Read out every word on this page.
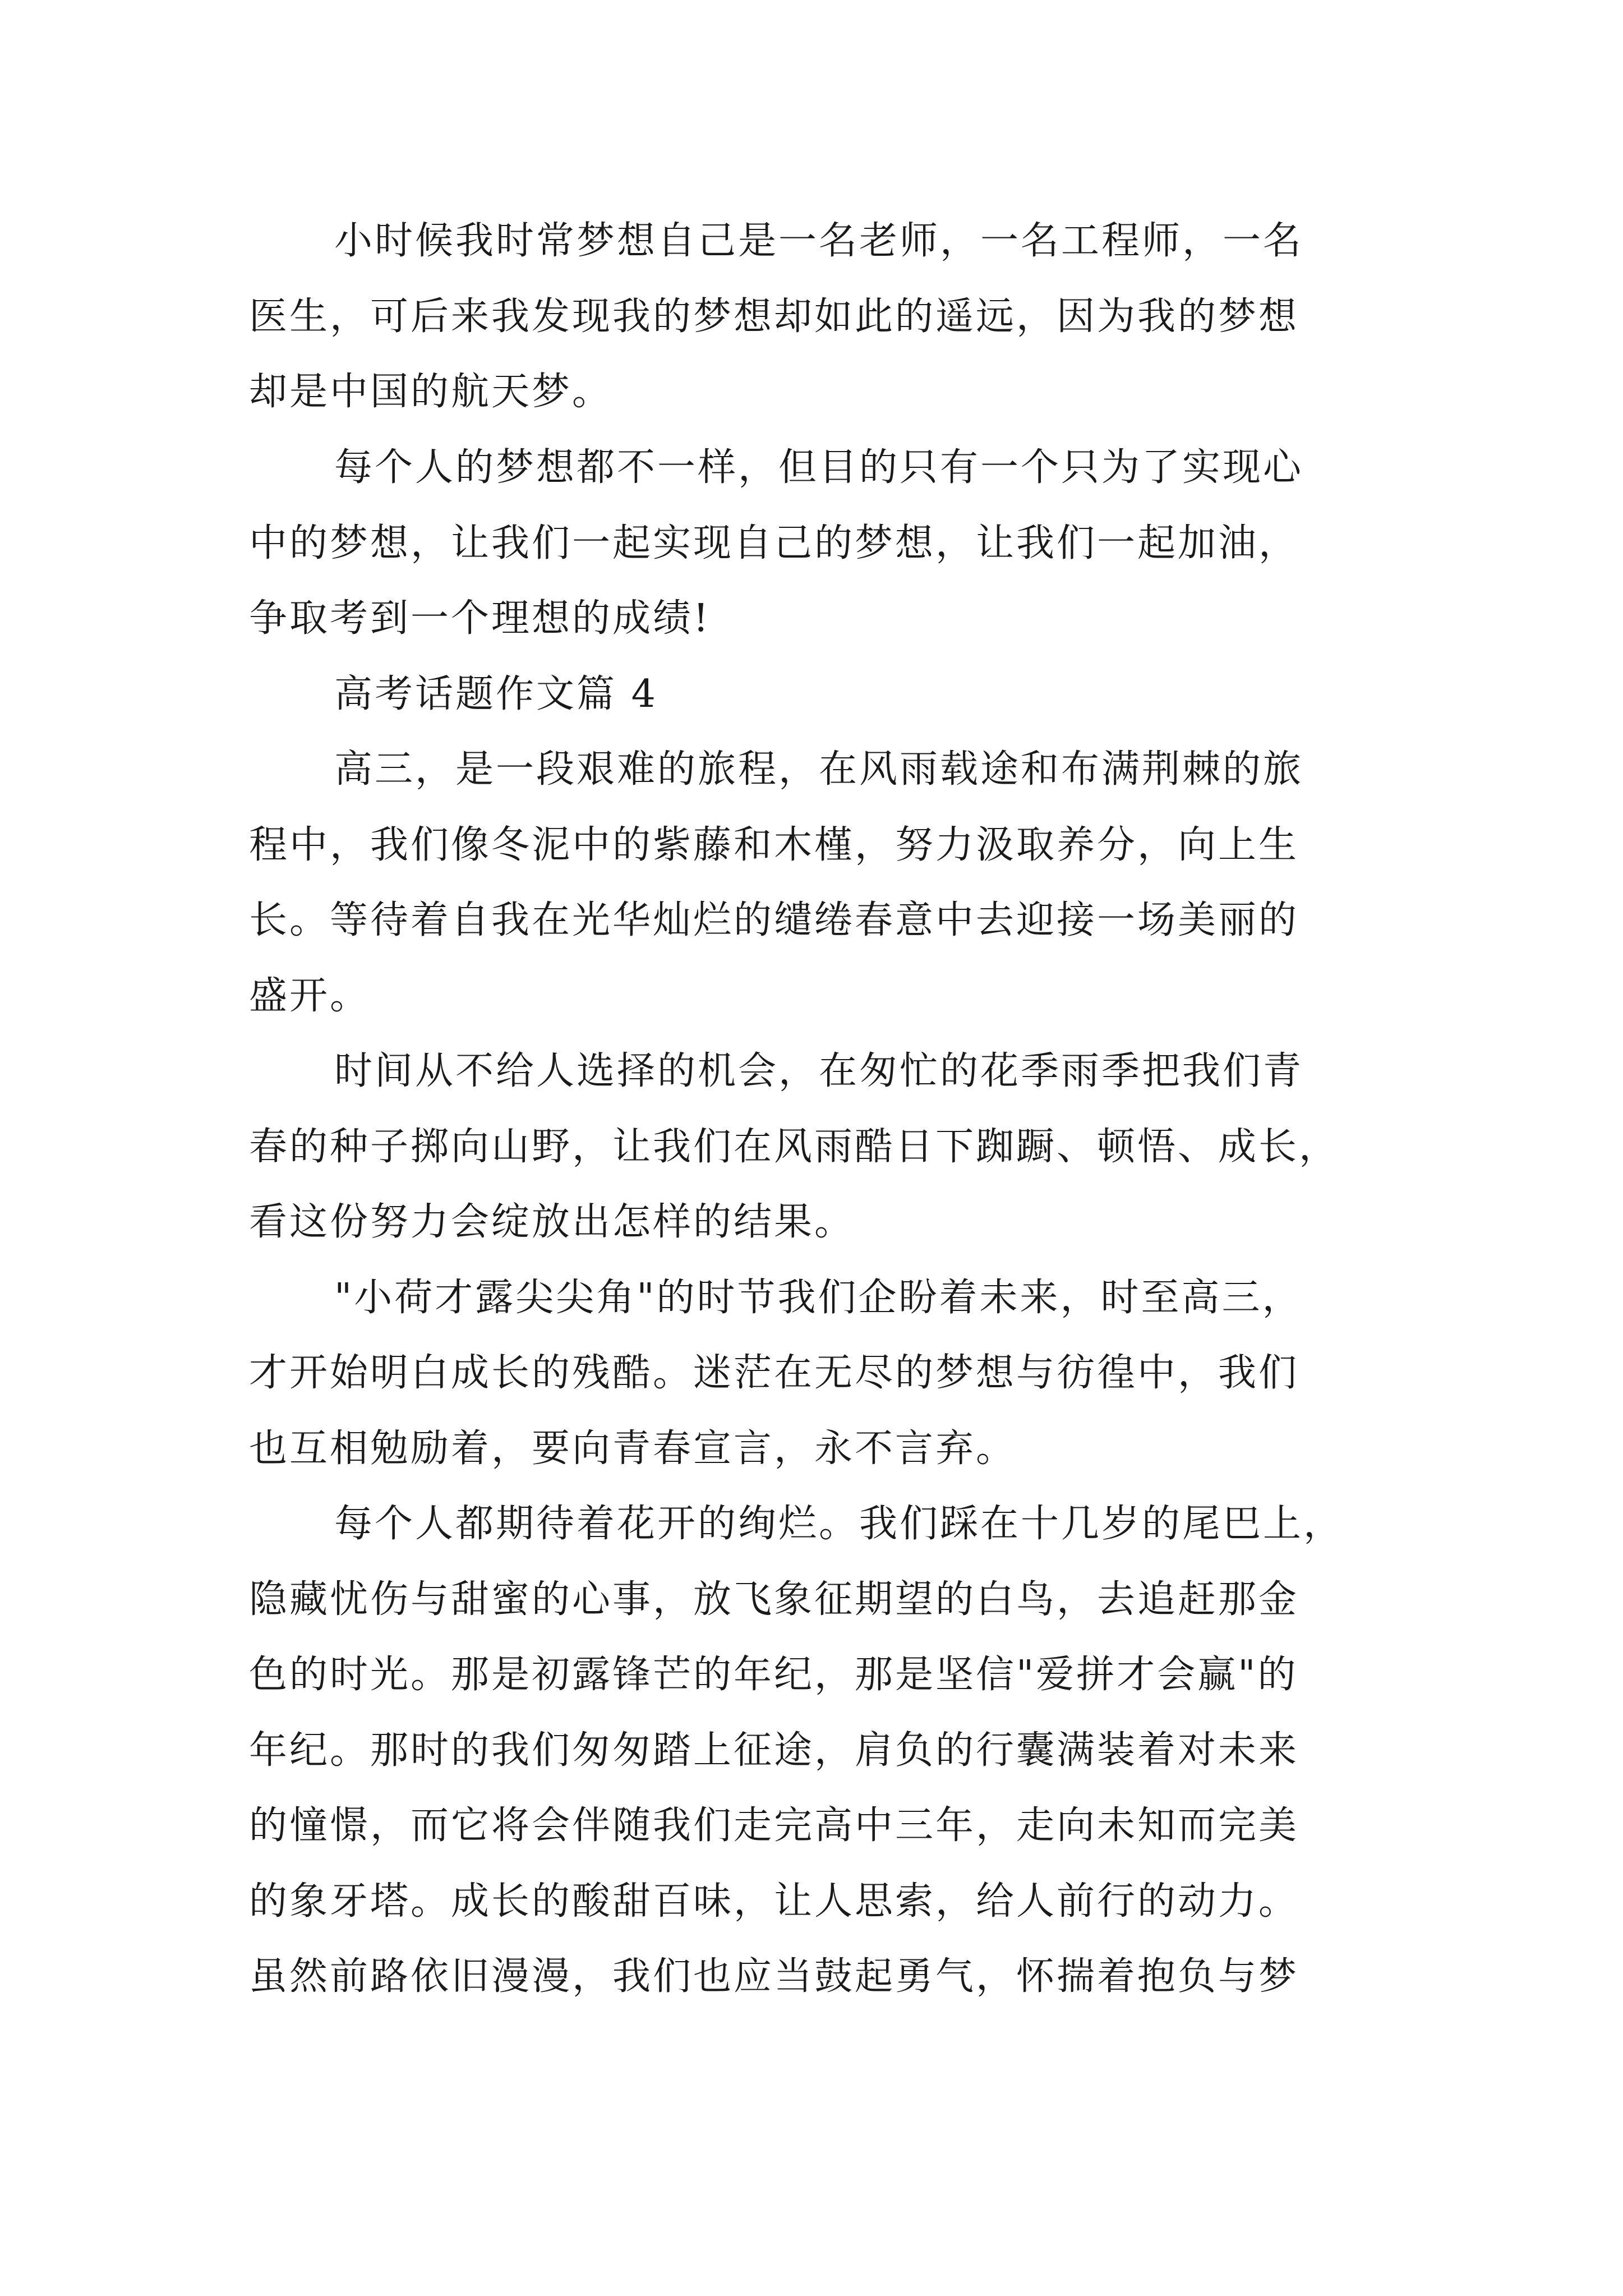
小时候我时常梦想自己是一名老师，一名工程师，一名
医生，可后来我发现我的梦想却如此的遥远，因为我的梦想
却是中国的航天梦。
每个人的梦想都不一样，但目的只有一个只为了实现心
中的梦想，让我们一起实现自己的梦想，让我们一起加油，
争取考到一个理想的成绩!
高考话题作文篇 4
高三，是一段艰难的旅程，在风雨载途和布满荆棘的旅
程中，我们像冬泥中的紫藤和木槿，努力汲取养分，向上生
长。等待着自我在光华灿烂的缱绻春意中去迎接一场美丽的
盛开。
时间从不给人选择的机会，在匆忙的花季雨季把我们青
春的种子掷向山野，让我们在风雨酷日下踟蹰、顿悟、成长，
看这份努力会绽放出怎样的结果。
"小荷才露尖尖角"的时节我们企盼着未来，时至高三，
才开始明白成长的残酷。迷茫在无尽的梦想与彷徨中，我们
也互相勉励着，要向青春宣言，永不言弃。
每个人都期待着花开的绚烂。我们踩在十几岁的尾巴上，
隐藏忧伤与甜蜜的心事，放飞象征期望的白鸟，去追赶那金
色的时光。那是初露锋芒的年纪，那是坚信"爱拼才会赢"的
年纪。那时的我们匆匆踏上征途，肩负的行囊满装着对未来
的憧憬，而它将会伴随我们走完高中三年，走向未知而完美
的象牙塔。成长的酸甜百味，让人思索，给人前行的动力。
虽然前路依旧漫漫，我们也应当鼓起勇气，怀揣着抱负与梦
